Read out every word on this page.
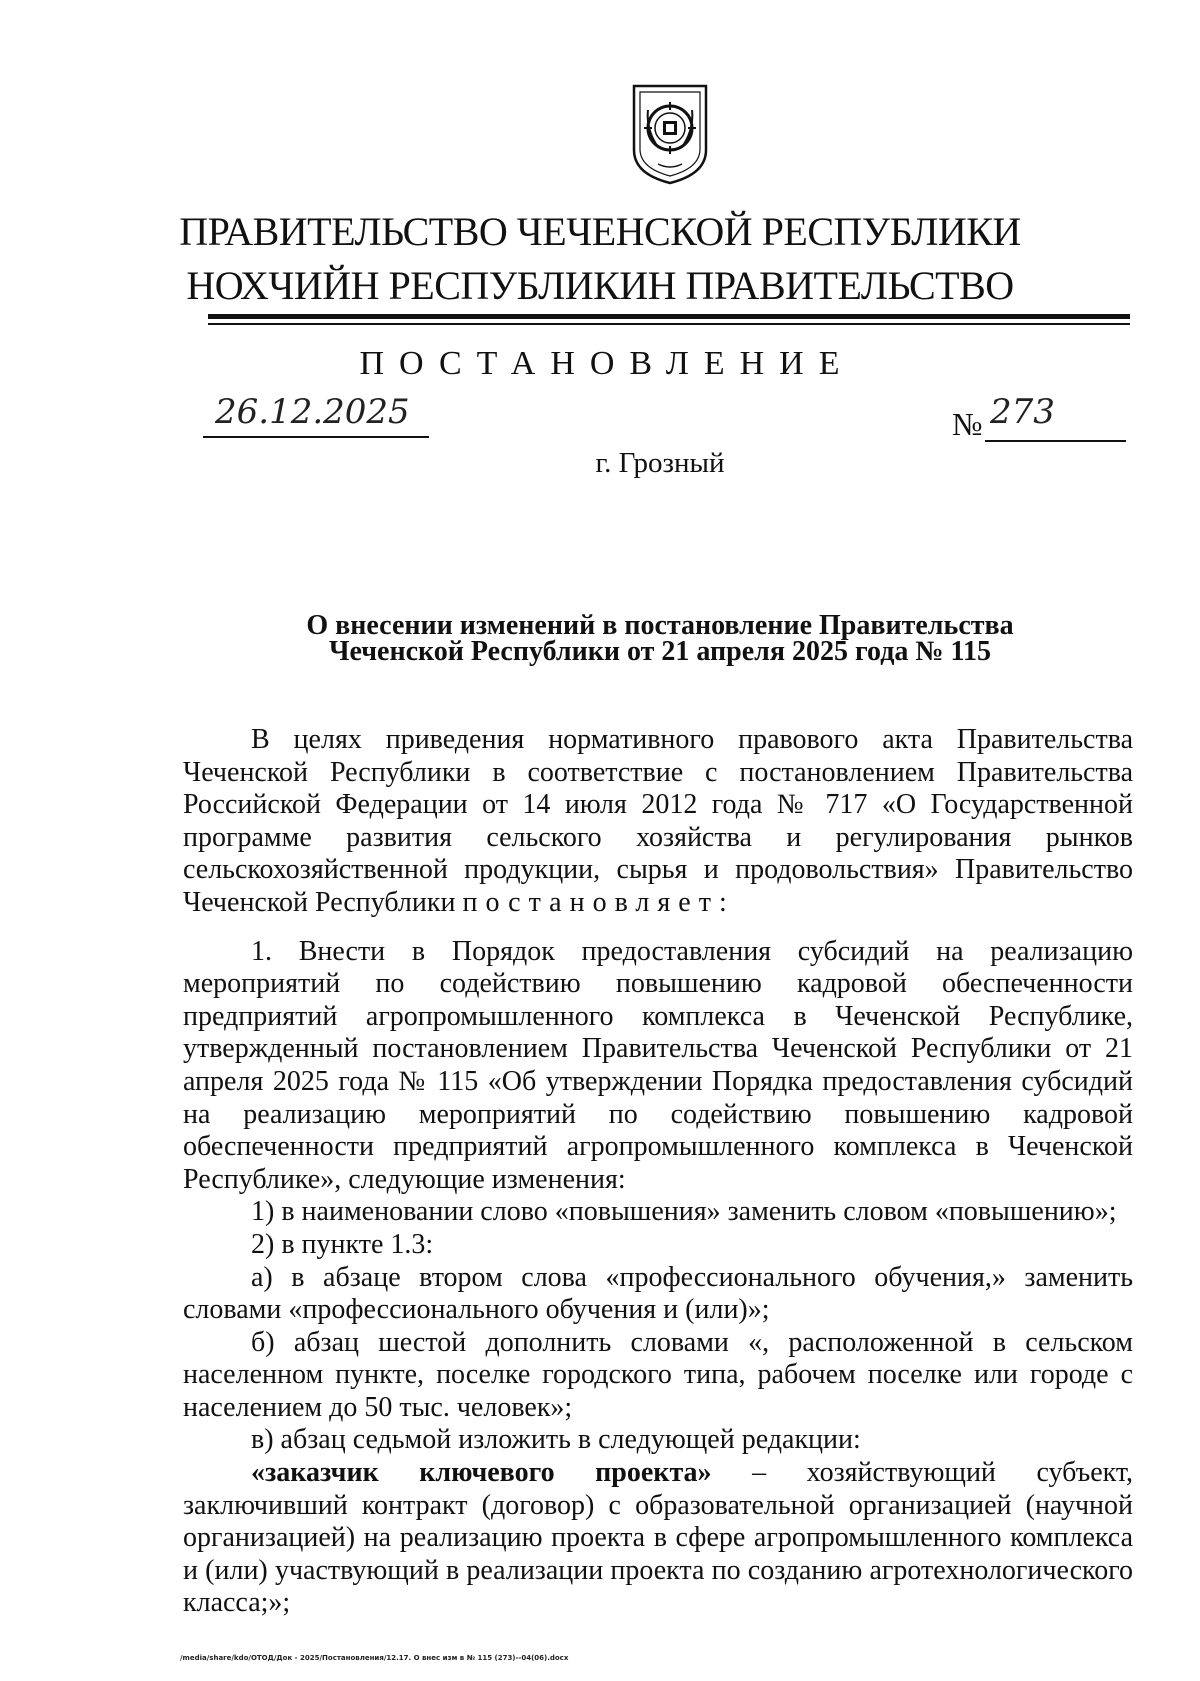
ПРАВИТЕЛЬСТВО ЧЕЧЕНСКОЙ РЕСПУБЛИКИ
НОХЧИЙН РЕСПУБЛИКИН ПРАВИТЕЛЬСТВО
ПОСТАНОВЛЕНИЕ
26.12.2025	№ 273
г. Грозный
О внесении изменений в постановление Правительства
Чеченской Республики от 21 апреля 2025 года № 115

В целях приведения нормативного правового акта Правительства Чеченской Республики в соответствие с постановлением Правительства Российской Федерации от 14 июля 2012 года № 717 «О Государственной программе развития сельского хозяйства и регулирования рынков сельскохозяйственной продукции, сырья и продовольствия» Правительство Чеченской Республики постановляет:

1. Внести в Порядок предоставления субсидий на реализацию мероприятий по содействию повышению кадровой обеспеченности предприятий агропромышленного комплекса в Чеченской Республике, утвержденный постановлением Правительства Чеченской Республики от 21 апреля 2025 года № 115 «Об утверждении Порядка предоставления субсидий на реализацию мероприятий по содействию повышению кадровой обеспеченности предприятий агропромышленного комплекса в Чеченской Республике», следующие изменения:

1) в наименовании слово «повышения» заменить словом «повышению»;

2) в пункте 1.3:

а) в абзаце втором слова «профессионального обучения,» заменить словами «профессионального обучения и (или)»;

б) абзац шестой дополнить словами «, расположенной в сельском населенном пункте, поселке городского типа, рабочем поселке или городе с населением до 50 тыс. человек»;

в) абзац седьмой изложить в следующей редакции:

«заказчик ключевого проекта» – хозяйствующий субъект, заключивший контракт (договор) с образовательной организацией (научной организацией) на реализацию проекта в сфере агропромышленного комплекса и (или) участвующий в реализации проекта по созданию агротехнологического класса;»;

/media/share/kdo/ОТОД/Док - 2025/Постановления/12.17. О внес изм в № 115 (273)--04(06).docx
